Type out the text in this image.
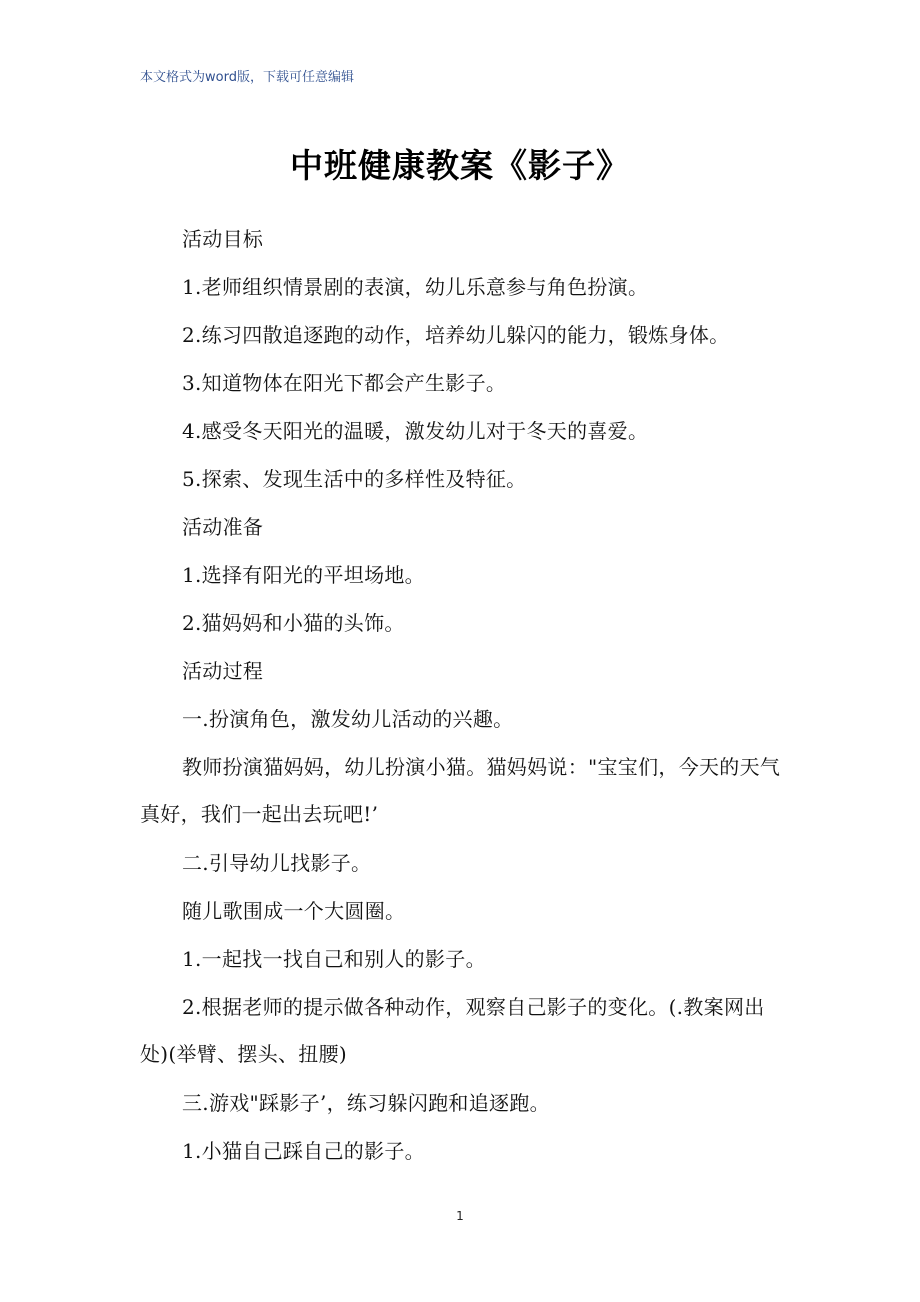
本文格式为word版，下载可任意编辑
中班健康教案《影子》

活动目标

1.老师组织情景剧的表演，幼儿乐意参与角色扮演。

2.练习四散追逐跑的动作，培养幼儿躲闪的能力，锻炼身体。

3.知道物体在阳光下都会产生影子。

4.感受冬天阳光的温暖，激发幼儿对于冬天的喜爱。

5.探索、发现生活中的多样性及特征。

活动准备

1.选择有阳光的平坦场地。

2.猫妈妈和小猫的头饰。

活动过程

一.扮演角色，激发幼儿活动的兴趣。

教师扮演猫妈妈，幼儿扮演小猫。猫妈妈说："宝宝们，今天的天气真好，我们一起出去玩吧!’

二.引导幼儿找影子。

随儿歌围成一个大圆圈。

1.一起找一找自己和别人的影子。

2.根据老师的提示做各种动作，观察自己影子的变化。(.教案网出处)(举臂、摆头、扭腰)

三.游戏"踩影子’，练习躲闪跑和追逐跑。

1.小猫自己踩自己的影子。

1
